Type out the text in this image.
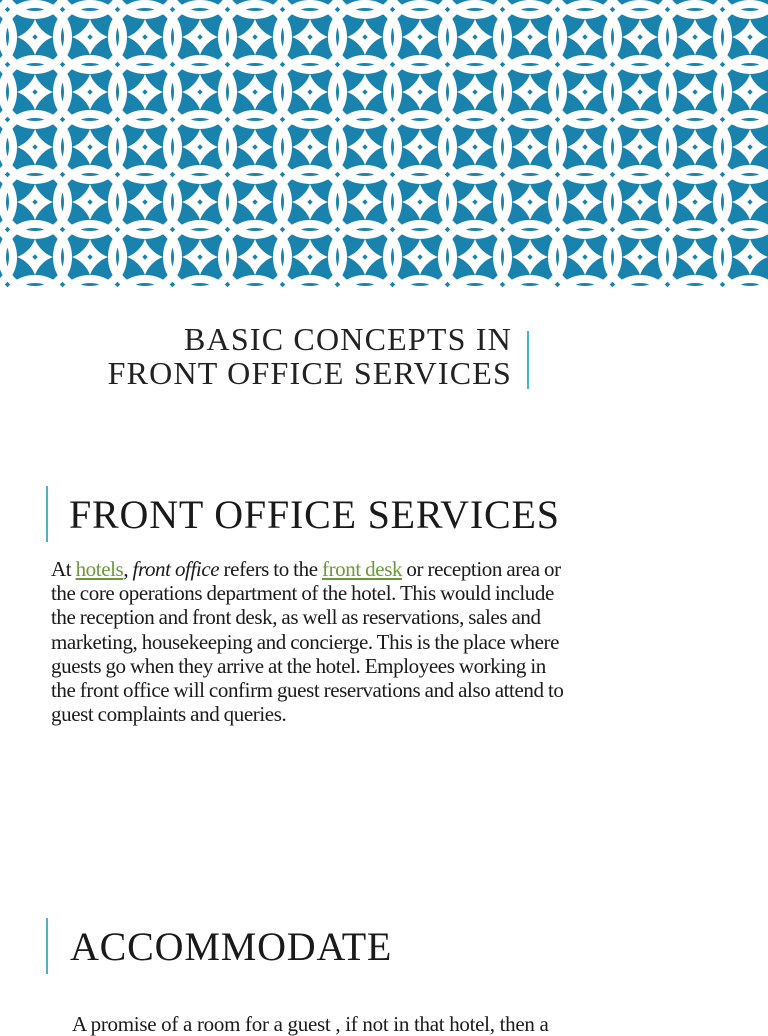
BASIC CONCEPTS IN
FRONT OFFICE SERVICES
FRONT OFFICE SERVICES
At hotels, front office refers to the front desk or reception area or the core operations department of the hotel. This would include the reception and front desk, as well as reservations, sales and marketing, housekeeping and concierge. This is the place where guests go when they arrive at the hotel. Employees working in the front office will confirm guest reservations and also attend to guest complaints and queries.
ACCOMMODATE
A promise of a room for a guest , if not in that hotel, then a
